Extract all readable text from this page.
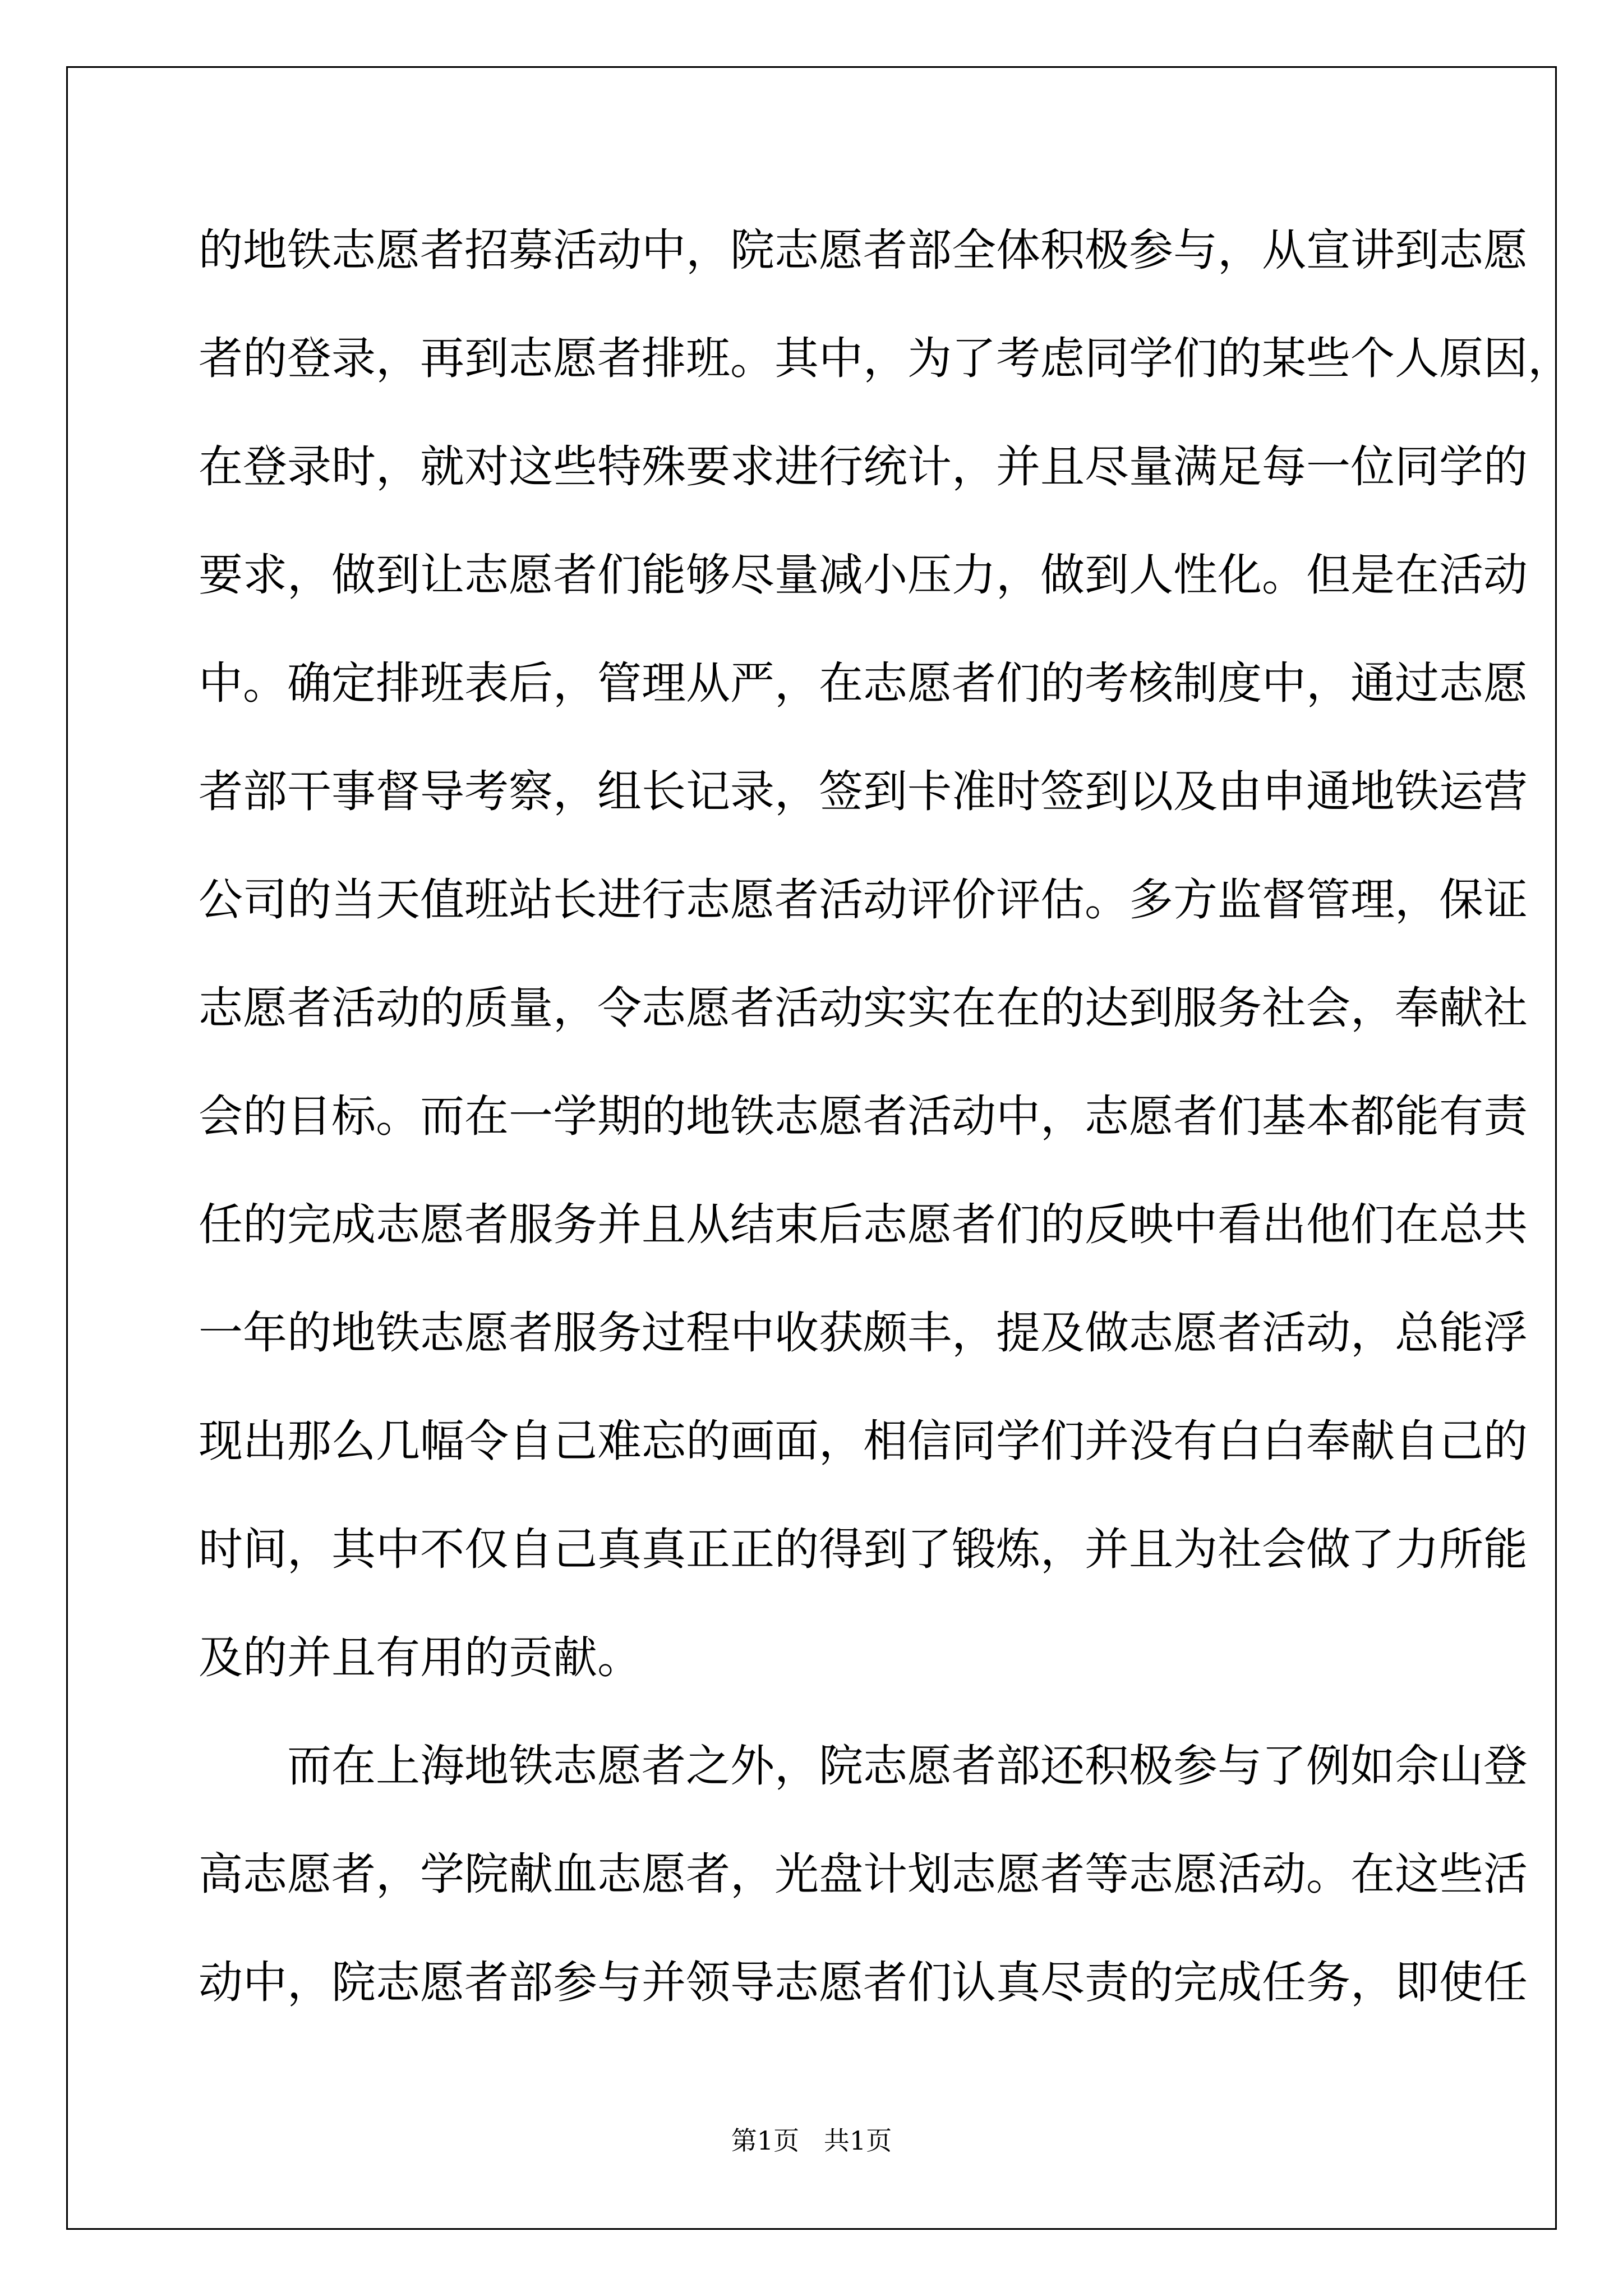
的地铁志愿者招募活动中，院志愿者部全体积极参与，从宣讲到志愿
者的登录，再到志愿者排班。其中，为了考虑同学们的某些个人原因，
在登录时，就对这些特殊要求进行统计，并且尽量满足每一位同学的
要求，做到让志愿者们能够尽量减小压力，做到人性化。但是在活动
中。确定排班表后，管理从严，在志愿者们的考核制度中，通过志愿
者部干事督导考察，组长记录，签到卡准时签到以及由申通地铁运营
公司的当天值班站长进行志愿者活动评价评估。多方监督管理，保证
志愿者活动的质量，令志愿者活动实实在在的达到服务社会，奉献社
会的目标。而在一学期的地铁志愿者活动中，志愿者们基本都能有责
任的完成志愿者服务并且从结束后志愿者们的反映中看出他们在总共
一年的地铁志愿者服务过程中收获颇丰，提及做志愿者活动，总能浮
现出那么几幅令自己难忘的画面，相信同学们并没有白白奉献自己的
时间，其中不仅自己真真正正的得到了锻炼，并且为社会做了力所能
及的并且有用的贡献。
而在上海地铁志愿者之外，院志愿者部还积极参与了例如佘山登
高志愿者，学院献血志愿者，光盘计划志愿者等志愿活动。在这些活
动中，院志愿者部参与并领导志愿者们认真尽责的完成任务，即使任
第1页   共1页
